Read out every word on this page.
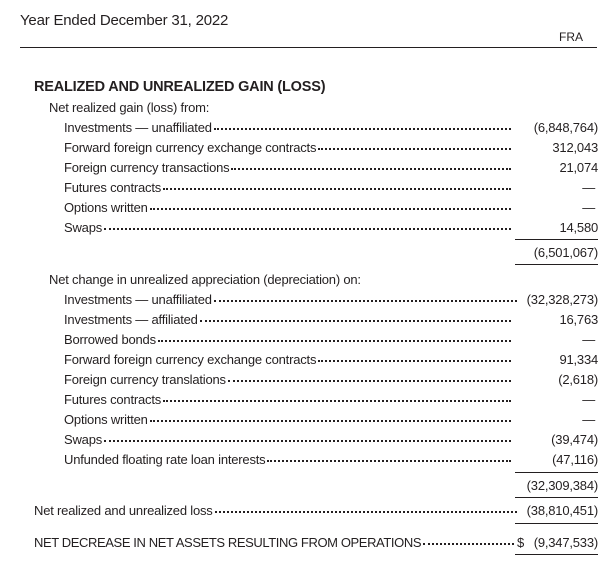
Year Ended December 31, 2022
FRA
REALIZED AND UNREALIZED GAIN (LOSS)
Net realized gain (loss) from:
Investments — unaffiliated	(6,848,764)
Forward foreign currency exchange contracts	312,043
Foreign currency transactions	21,074
Futures contracts	—
Options written	—
Swaps	14,580
(6,501,067)
Net change in unrealized appreciation (depreciation) on:
Investments — unaffiliated	(32,328,273)
Investments — affiliated	16,763
Borrowed bonds	—
Forward foreign currency exchange contracts	91,334
Foreign currency translations	(2,618)
Futures contracts	—
Options written	—
Swaps	(39,474)
Unfunded floating rate loan interests	(47,116)
(32,309,384)
Net realized and unrealized loss	(38,810,451)
NET DECREASE IN NET ASSETS RESULTING FROM OPERATIONS	$ (9,347,533)
